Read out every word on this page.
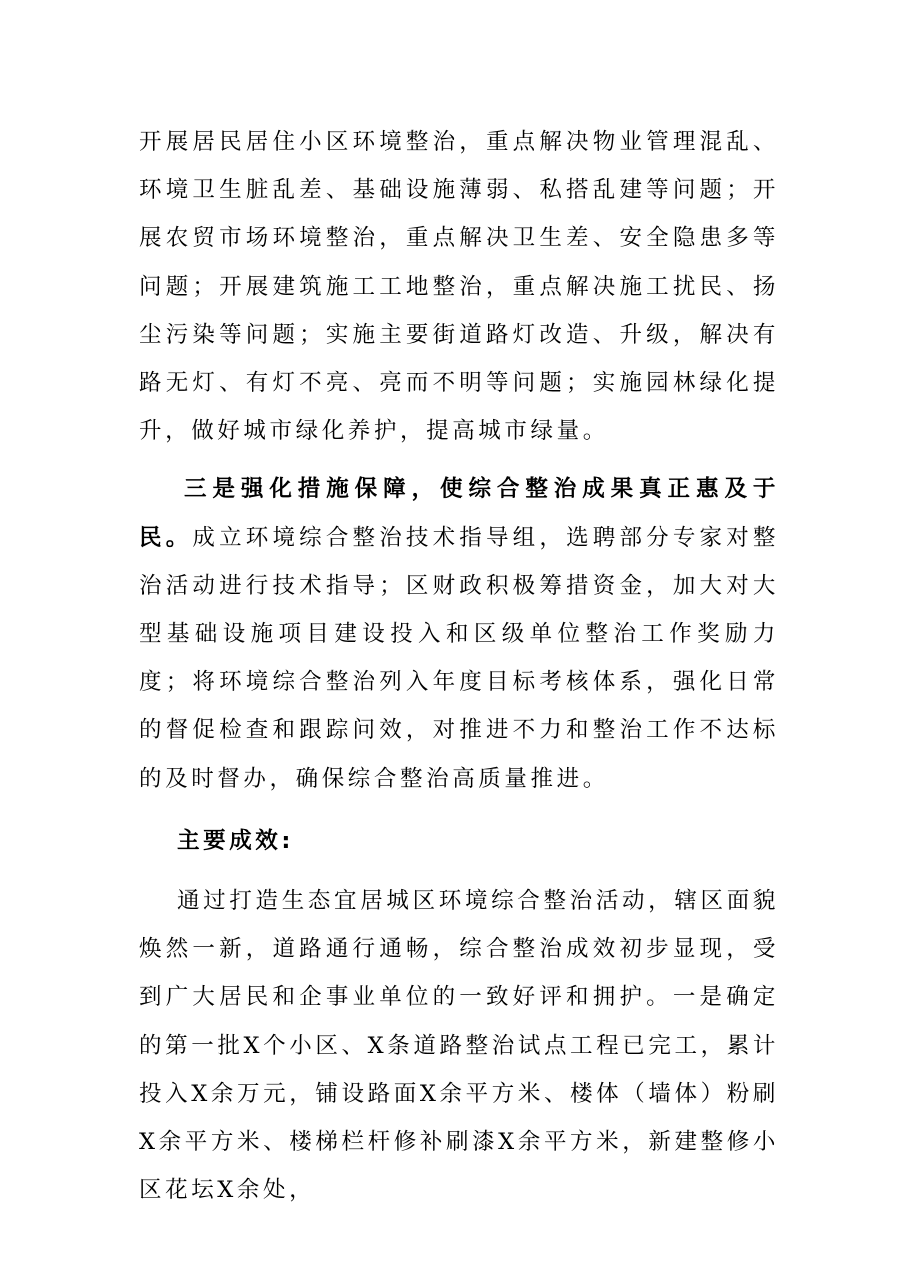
开展居民居住小区环境整治，重点解决物业管理混乱、环境卫生脏乱差、基础设施薄弱、私搭乱建等问题；开展农贸市场环境整治，重点解决卫生差、安全隐患多等问题；开展建筑施工工地整治，重点解决施工扰民、扬尘污染等问题；实施主要街道路灯改造、升级，解决有路无灯、有灯不亮、亮而不明等问题；实施园林绿化提升，做好城市绿化养护，提高城市绿量。

三是强化措施保障，使综合整治成果真正惠及于民。成立环境综合整治技术指导组，选聘部分专家对整治活动进行技术指导；区财政积极筹措资金，加大对大型基础设施项目建设投入和区级单位整治工作奖励力度；将环境综合整治列入年度目标考核体系，强化日常的督促检查和跟踪问效，对推进不力和整治工作不达标的及时督办，确保综合整治高质量推进。

主要成效:

通过打造生态宜居城区环境综合整治活动，辖区面貌焕然一新，道路通行通畅，综合整治成效初步显现，受到广大居民和企事业单位的一致好评和拥护。一是确定的第一批X个小区、X条道路整治试点工程已完工，累计投入X余万元，铺设路面X余平方米、楼体（墙体）粉刷X余平方米、楼梯栏杆修补刷漆X余平方米，新建整修小区花坛X余处，
